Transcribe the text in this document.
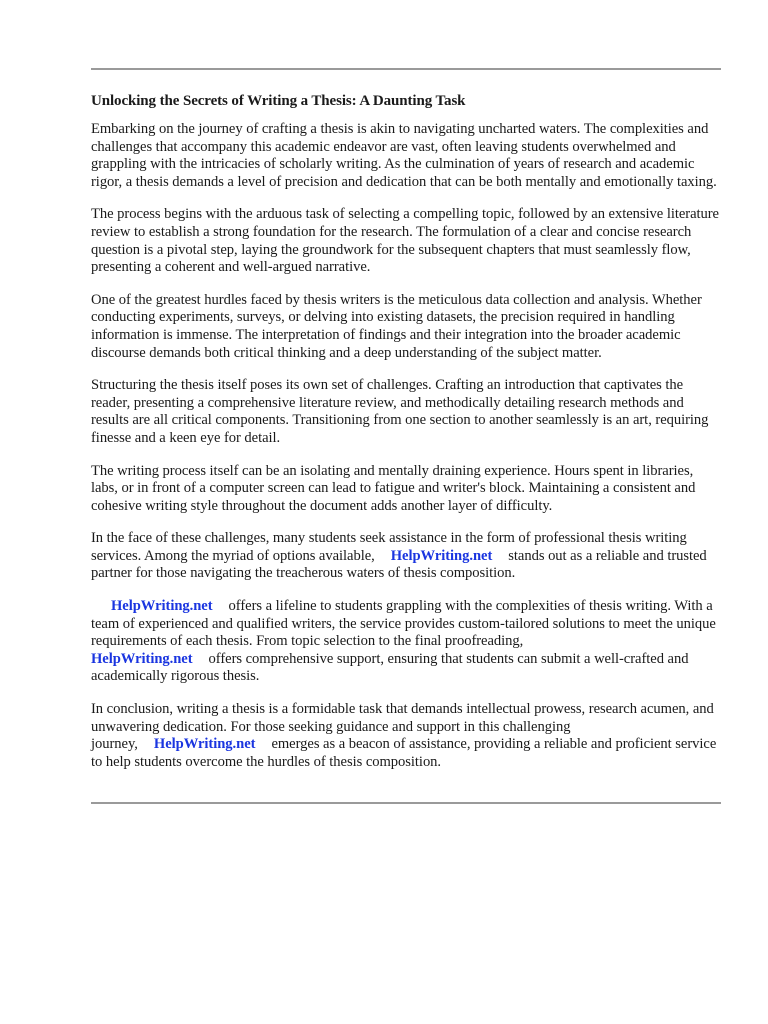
Unlocking the Secrets of Writing a Thesis: A Daunting Task

Embarking on the journey of crafting a thesis is akin to navigating uncharted waters. The complexities and challenges that accompany this academic endeavor are vast, often leaving students overwhelmed and grappling with the intricacies of scholarly writing. As the culmination of years of research and academic rigor, a thesis demands a level of precision and dedication that can be both mentally and emotionally taxing.

The process begins with the arduous task of selecting a compelling topic, followed by an extensive literature review to establish a strong foundation for the research. The formulation of a clear and concise research question is a pivotal step, laying the groundwork for the subsequent chapters that must seamlessly flow, presenting a coherent and well-argued narrative.

One of the greatest hurdles faced by thesis writers is the meticulous data collection and analysis. Whether conducting experiments, surveys, or delving into existing datasets, the precision required in handling information is immense. The interpretation of findings and their integration into the broader academic discourse demands both critical thinking and a deep understanding of the subject matter.

Structuring the thesis itself poses its own set of challenges. Crafting an introduction that captivates the reader, presenting a comprehensive literature review, and methodically detailing research methods and results are all critical components. Transitioning from one section to another seamlessly is an art, requiring finesse and a keen eye for detail.

The writing process itself can be an isolating and mentally draining experience. Hours spent in libraries, labs, or in front of a computer screen can lead to fatigue and writer's block. Maintaining a consistent and cohesive writing style throughout the document adds another layer of difficulty.

In the face of these challenges, many students seek assistance in the form of professional thesis writing services. Among the myriad of options available, HelpWriting.net stands out as a reliable and trusted partner for those navigating the treacherous waters of thesis composition.

HelpWriting.net offers a lifeline to students grappling with the complexities of thesis writing. With a team of experienced and qualified writers, the service provides custom-tailored solutions to meet the unique requirements of each thesis. From topic selection to the final proofreading,
HelpWriting.net offers comprehensive support, ensuring that students can submit a well-crafted and academically rigorous thesis.

In conclusion, writing a thesis is a formidable task that demands intellectual prowess, research acumen, and unwavering dedication. For those seeking guidance and support in this challenging journey, HelpWriting.net emerges as a beacon of assistance, providing a reliable and proficient service to help students overcome the hurdles of thesis composition.
